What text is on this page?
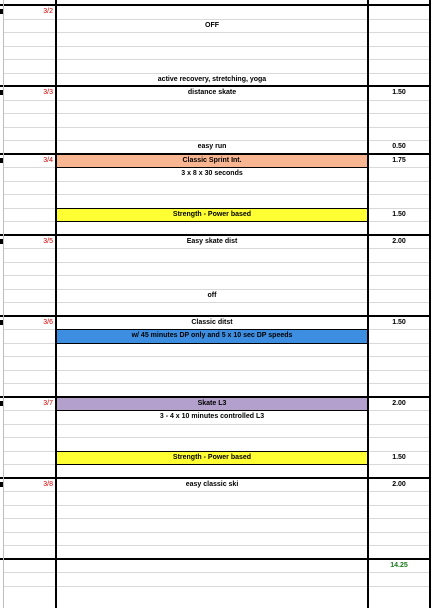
3/2
OFF
active recovery, stretching, yoga
3/3	distance skate	1.50
easy run	0.50
3/4	Classic Sprint Int.	1.75
3 x 8 x 30 seconds
Strength - Power based	1.50
3/5	Easy skate dist	2.00
off
3/6	Classic ditst	1.50
w/ 45 minutes DP only and 5 x 10 sec DP speeds
3/7	Skate L3	2.00
3 - 4 x 10 minutes controlled L3
Strength - Power based	1.50
3/8	easy classic ski	2.00
14.25
